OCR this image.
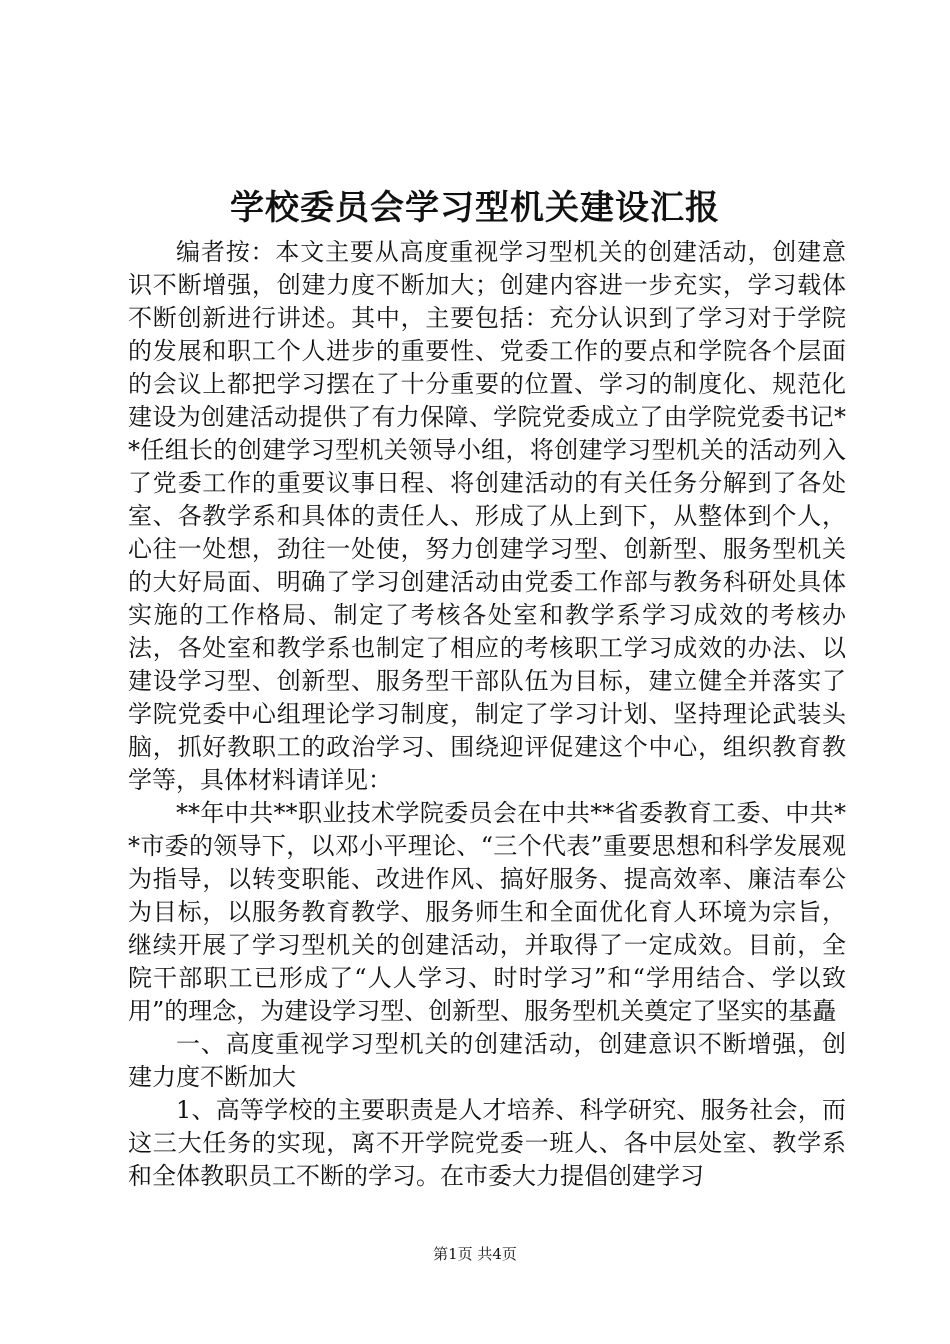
学校委员会学习型机关建设汇报

编者按：本文主要从高度重视学习型机关的创建活动，创建意识不断增强，创建力度不断加大；创建内容进一步充实，学习载体不断创新进行讲述。其中，主要包括：充分认识到了学习对于学院的发展和职工个人进步的重要性、党委工作的要点和学院各个层面的会议上都把学习摆在了十分重要的位置、学习的制度化、规范化建设为创建活动提供了有力保障、学院党委成立了由学院党委书记**任组长的创建学习型机关领导小组，将创建学习型机关的活动列入了党委工作的重要议事日程、将创建活动的有关任务分解到了各处室、各教学系和具体的责任人、形成了从上到下，从整体到个人，心往一处想，劲往一处使，努力创建学习型、创新型、服务型机关的大好局面、明确了学习创建活动由党委工作部与教务科研处具体实施的工作格局、制定了考核各处室和教学系学习成效的考核办法，各处室和教学系也制定了相应的考核职工学习成效的办法、以建设学习型、创新型、服务型干部队伍为目标，建立健全并落实了学院党委中心组理论学习制度，制定了学习计划、坚持理论武装头脑，抓好教职工的政治学习、围绕迎评促建这个中心，组织教育教学等，具体材料请详见：

**年中共**职业技术学院委员会在中共**省委教育工委、中共**市委的领导下，以邓小平理论、“三个代表”重要思想和科学发展观为指导，以转变职能、改进作风、搞好服务、提高效率、廉洁奉公为目标，以服务教育教学、服务师生和全面优化育人环境为宗旨，继续开展了学习型机关的创建活动，并取得了一定成效。目前，全院干部职工已形成了“人人学习、时时学习”和“学用结合、学以致用”的理念，为建设学习型、创新型、服务型机关奠定了坚实的基矗

一、高度重视学习型机关的创建活动，创建意识不断增强，创建力度不断加大

1、高等学校的主要职责是人才培养、科学研究、服务社会，而这三大任务的实现，离不开学院党委一班人、各中层处室、教学系和全体教职员工不断的学习。在市委大力提倡创建学习

第1页 共4页
